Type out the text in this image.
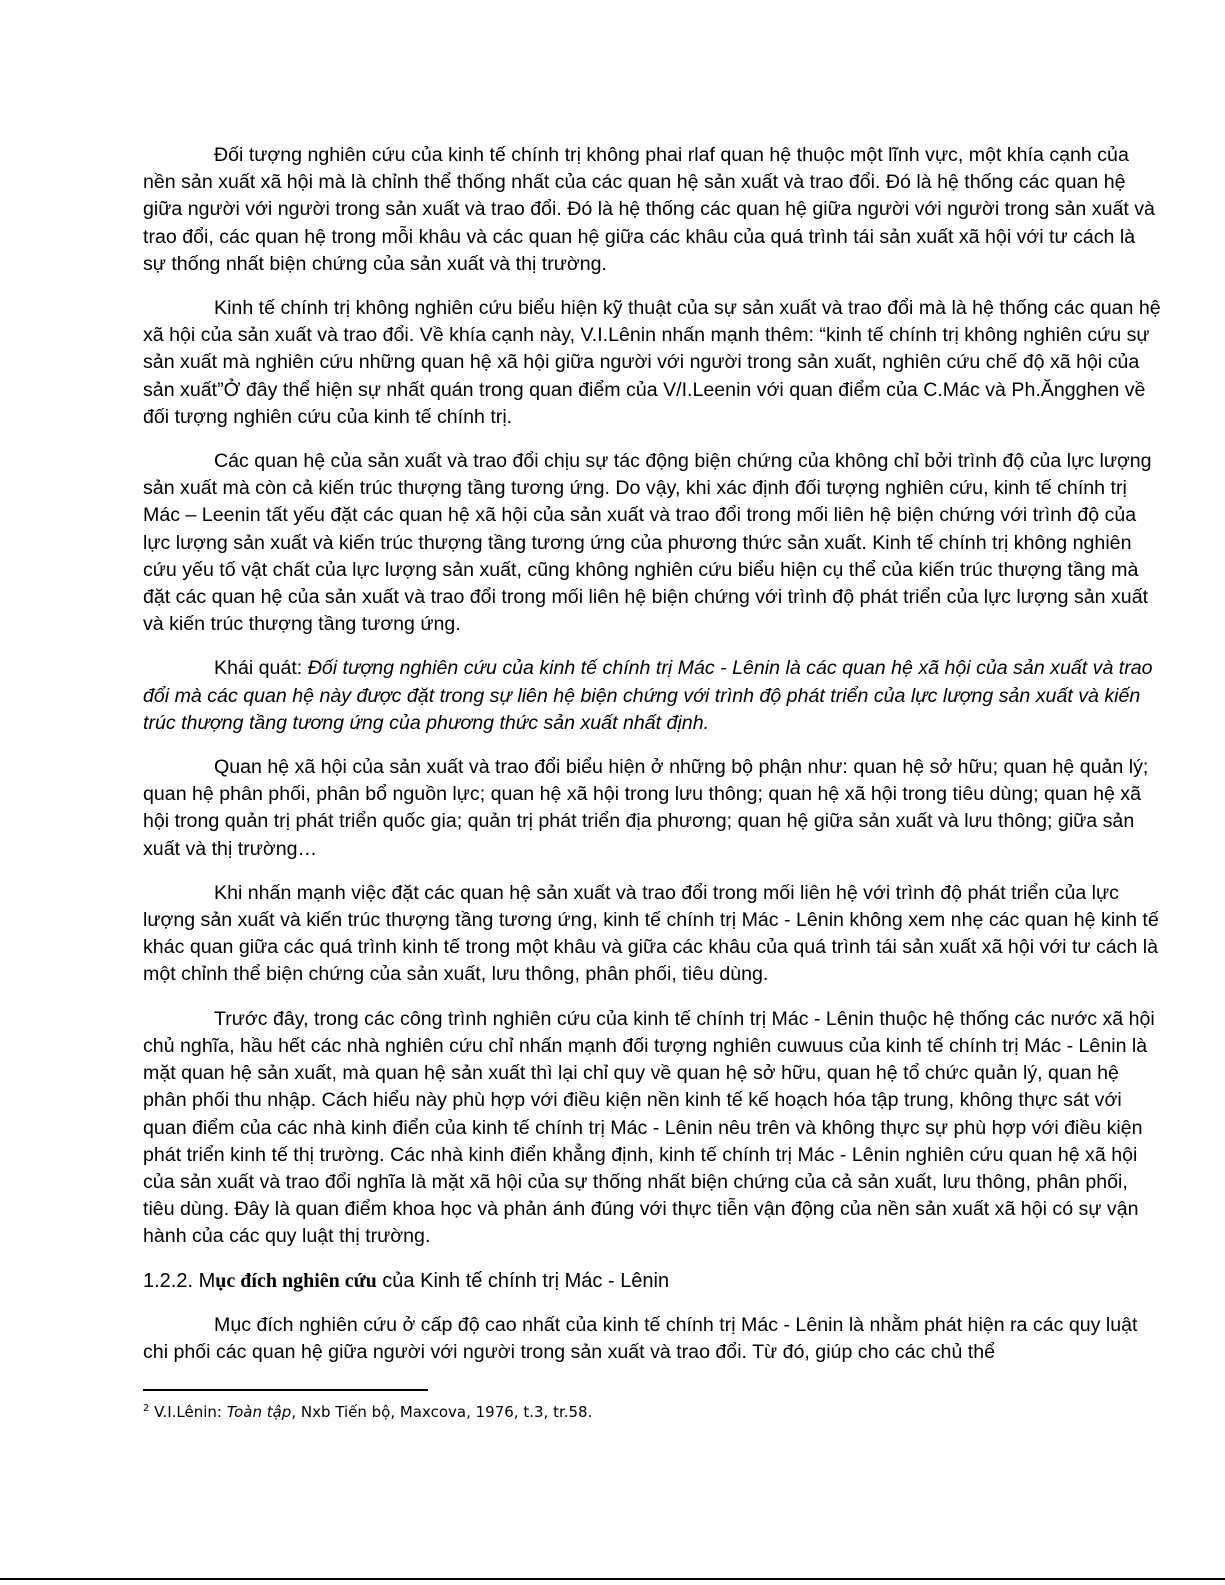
Đối tượng nghiên cứu của kinh tế chính trị không phai rlaf quan hệ thuộc một lĩnh vực, một khía cạnh của nền sản xuất xã hội mà là chỉnh thể thống nhất của các quan hệ sản xuất và trao đổi. Đó là hệ thống các quan hệ giữa người với người trong sản xuất và trao đổi. Đó là hệ thống các quan hệ giữa người với người trong sản xuất và trao đổi, các quan hệ trong mỗi khâu và các quan hệ giữa các khâu của quá trình tái sản xuất xã hội với tư cách là sự thống nhất biện chứng của sản xuất và thị trường.

Kinh tế chính trị không nghiên cứu biểu hiện kỹ thuật của sự sản xuất và trao đổi mà là hệ thống các quan hệ xã hội của sản xuất và trao đổi. Về khía cạnh này, V.I.Lênin nhấn mạnh thêm: “kinh tế chính trị không nghiên cứu sự sản xuất mà nghiên cứu những quan hệ xã hội giữa người với người trong sản xuất, nghiên cứu chế độ xã hội của sản xuất”Ở đây thể hiện sự nhất quán trong quan điểm của V/I.Leenin với quan điểm của C.Mác và Ph.Ăngghen về đối tượng nghiên cứu của kinh tế chính trị.

Các quan hệ của sản xuất và trao đổi chịu sự tác động biện chứng của không chỉ bởi trình độ của lực lượng sản xuất mà còn cả kiến trúc thượng tầng tương ứng. Do vậy, khi xác định đối tượng nghiên cứu, kinh tế chính trị Mác – Leenin tất yếu đặt các quan hệ xã hội của sản xuất và trao đổi trong mối liên hệ biện chứng với trình độ của lực lượng sản xuất và kiến trúc thượng tầng tương ứng của phương thức sản xuất. Kinh tế chính trị không nghiên cứu yếu tố vật chất của lực lượng sản xuất, cũng không nghiên cứu biểu hiện cụ thể của kiến trúc thượng tầng mà đặt các quan hệ của sản xuất và trao đổi trong mối liên hệ biện chứng với trình độ phát triển của lực lượng sản xuất và kiến trúc thượng tầng tương ứng.

Khái quát: Đối tượng nghiên cứu của kinh tế chính trị Mác - Lênin là các quan hệ xã hội của sản xuất và trao đổi mà các quan hệ này được đặt trong sự liên hệ biện chứng với trình độ phát triển của lực lượng sản xuất và kiến trúc thượng tầng tương ứng của phương thức sản xuất nhất định.

Quan hệ xã hội của sản xuất và trao đổi biểu hiện ở những bộ phận như: quan hệ sở hữu; quan hệ quản lý; quan hệ phân phối, phân bổ nguồn lực; quan hệ xã hội trong lưu thông; quan hệ xã hội trong tiêu dùng; quan hệ xã hội trong quản trị phát triển quốc gia; quản trị phát triển địa phương; quan hệ giữa sản xuất và lưu thông; giữa sản xuất và thị trường…

Khi nhấn mạnh việc đặt các quan hệ sản xuất và trao đổi trong mối liên hệ với trình độ phát triển của lực lượng sản xuất và kiến trúc thượng tầng tương ứng, kinh tế chính trị Mác - Lênin không xem nhẹ các quan hệ kinh tế khác quan giữa các quá trình kinh tế trong một khâu và giữa các khâu của quá trình tái sản xuất xã hội với tư cách là một chỉnh thể biện chứng của sản xuất, lưu thông, phân phối, tiêu dùng.

Trước đây, trong các công trình nghiên cứu của kinh tế chính trị Mác - Lênin thuộc hệ thống các nước xã hội chủ nghĩa, hầu hết các nhà nghiên cứu chỉ nhấn mạnh đối tượng nghiên cuwuus của kinh tế chính trị Mác - Lênin là mặt quan hệ sản xuất, mà quan hệ sản xuất thì lại chỉ quy về quan hệ sở hữu, quan hệ tổ chức quản lý, quan hệ phân phối thu nhập. Cách hiểu này phù hợp với điều kiện nền kinh tế kế hoạch hóa tập trung, không thực sát với quan điểm của các nhà kinh điển của kinh tế chính trị Mác - Lênin nêu trên và không thực sự phù hợp với điều kiện phát triển kinh tế thị trường. Các nhà kinh điển khẳng định, kinh tế chính trị Mác - Lênin nghiên cứu quan hệ xã hội của sản xuất và trao đổi nghĩa là mặt xã hội của sự thống nhất biện chứng của cả sản xuất, lưu thông, phân phối, tiêu dùng. Đây là quan điểm khoa học và phản ánh đúng với thực tiễn vận động của nền sản xuất xã hội có sự vận hành của các quy luật thị trường.

1.2.2. Mục đích nghiên cứu của Kinh tế chính trị Mác - Lênin

Mục đích nghiên cứu ở cấp độ cao nhất của kinh tế chính trị Mác - Lênin là nhằm phát hiện ra các quy luật chi phối các quan hệ giữa người với người trong sản xuất và trao đổi. Từ đó, giúp cho các chủ thể

$^2$ V.I.Lênin: Toàn tập, Nxb Tiến bộ, Maxcova, 1976, t.3, tr.58.
